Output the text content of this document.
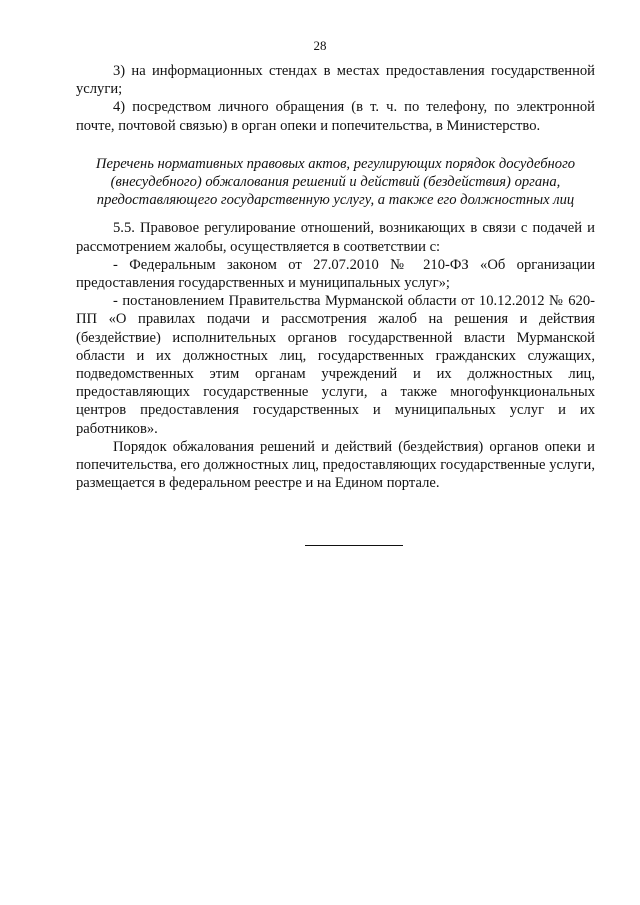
28

3) на информационных стендах в местах предоставления государственной услуги;

4) посредством личного обращения (в т. ч. по телефону, по электронной почте, почтовой связью) в орган опеки и попечительства, в Министерство.

Перечень нормативных правовых актов, регулирующих порядок досудебного
(внесудебного) обжалования решений и действий (бездействия) органа,
предоставляющего государственную услугу, а также его должностных лиц

5.5. Правовое регулирование отношений, возникающих в связи с подачей и рассмотрением жалобы, осуществляется в соответствии с:

- Федеральным законом от 27.07.2010 № 210-ФЗ «Об организации предоставления государственных и муниципальных услуг»;

- постановлением Правительства Мурманской области от 10.12.2012 № 620-ПП «О правилах подачи и рассмотрения жалоб на решения и действия (бездействие) исполнительных органов государственной власти Мурманской области и их должностных лиц, государственных гражданских служащих, подведомственных этим органам учреждений и их должностных лиц, предоставляющих государственные услуги, а также многофункциональных центров предоставления государственных и муниципальных услуг и их работников».

Порядок обжалования решений и действий (бездействия) органов опеки и попечительства, его должностных лиц, предоставляющих государственные услуги, размещается в федеральном реестре и на Едином портале.
